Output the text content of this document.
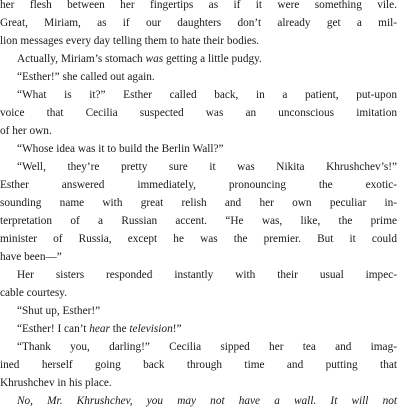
her flesh between her fingertips as if it were something vile.
Great, Miriam, as if our daughters don’t already get a mil-
lion messages every day telling them to hate their bodies.
Actually, Miriam’s stomach was getting a little pudgy.
“Esther!” she called out again.
“What is it?” Esther called back, in a patient, put-upon
voice that Cecilia suspected was an unconscious imitation
of her own.
“Whose idea was it to build the Berlin Wall?”
“Well, they’re pretty sure it was Nikita Khrushchev’s!”
Esther answered immediately, pronouncing the exotic-
sounding name with great relish and her own peculiar in-
terpretation of a Russian accent. “He was, like, the prime
minister of Russia, except he was the premier. But it could
have been—”
Her sisters responded instantly with their usual impec-
cable courtesy.
“Shut up, Esther!”
“Esther! I can’t hear the television!”
“Thank you, darling!” Cecilia sipped her tea and imag-
ined herself going back through time and putting that
Khrushchev in his place.
No, Mr. Khrushchev, you may not have a wall. It will not
